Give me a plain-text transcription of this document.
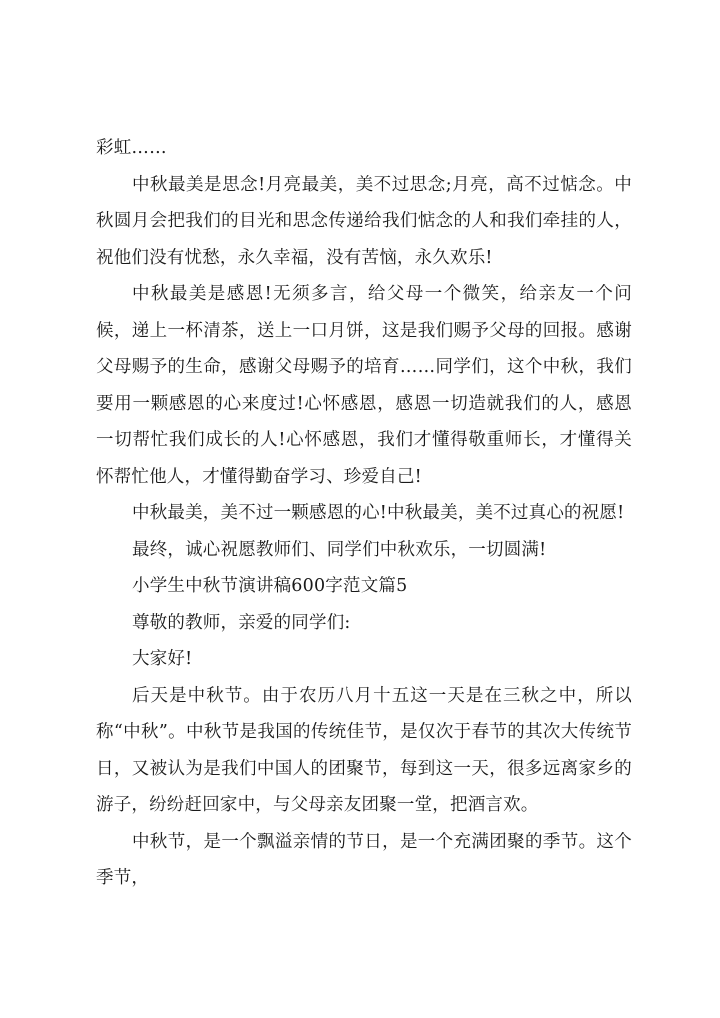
彩虹……

中秋最美是思念!月亮最美，美不过思念;月亮，高不过惦念。中秋圆月会把我们的目光和思念传递给我们惦念的人和我们牵挂的人，祝他们没有忧愁，永久幸福，没有苦恼，永久欢乐!

中秋最美是感恩!无须多言，给父母一个微笑，给亲友一个问候，递上一杯清茶，送上一口月饼，这是我们赐予父母的回报。感谢父母赐予的生命，感谢父母赐予的培育……同学们，这个中秋，我们要用一颗感恩的心来度过!心怀感恩，感恩一切造就我们的人，感恩一切帮忙我们成长的人!心怀感恩，我们才懂得敬重师长，才懂得关怀帮忙他人，才懂得勤奋学习、珍爱自己!

中秋最美，美不过一颗感恩的心!中秋最美，美不过真心的祝愿!

最终，诚心祝愿教师们、同学们中秋欢乐，一切圆满!

小学生中秋节演讲稿600字范文篇5

尊敬的教师，亲爱的同学们:

大家好!

后天是中秋节。由于农历八月十五这一天是在三秋之中，所以称“中秋”。中秋节是我国的传统佳节，是仅次于春节的其次大传统节日，又被认为是我们中国人的团聚节，每到这一天，很多远离家乡的游子，纷纷赶回家中，与父母亲友团聚一堂，把酒言欢。

中秋节，是一个飘溢亲情的节日，是一个充满团聚的季节。这个季节，
